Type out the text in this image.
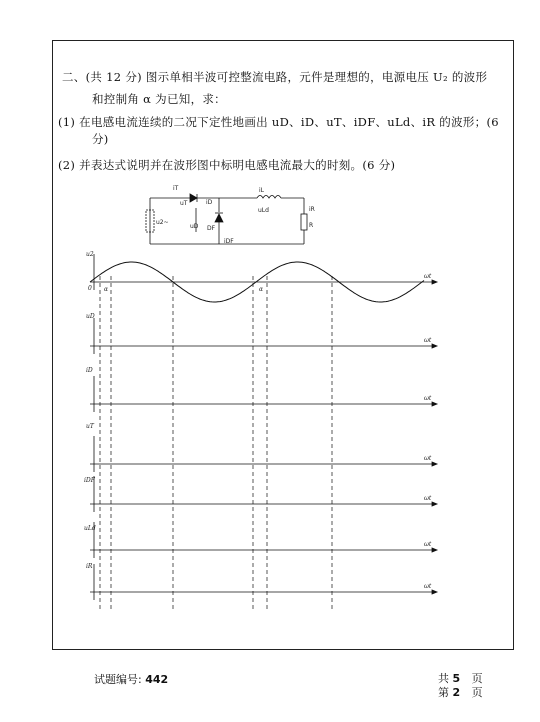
二、(共 12 分) 图示单相半波可控整流电路，元件是理想的，电源电压 U₂ 的波形
和控制角 α 为已知，求：
(1) 在电感电流连续的二况下定性地画出 uD、iD、uT、iDF、uLd、iR 的波形；(6
分)
(2) 并表达式说明并在波形图中标明电感电流最大的时刻。(6 分)
iT
uT	iD
iL
uLd
u2~
uD DF
iDF
R
iR
u2
uD
iD
uT
iDF
uLd
iR
0 α	α
ωt
ωt
ωt
ωt
ωt
ωt
ωt
试题编号: 442	共 5 页
第 2 页
